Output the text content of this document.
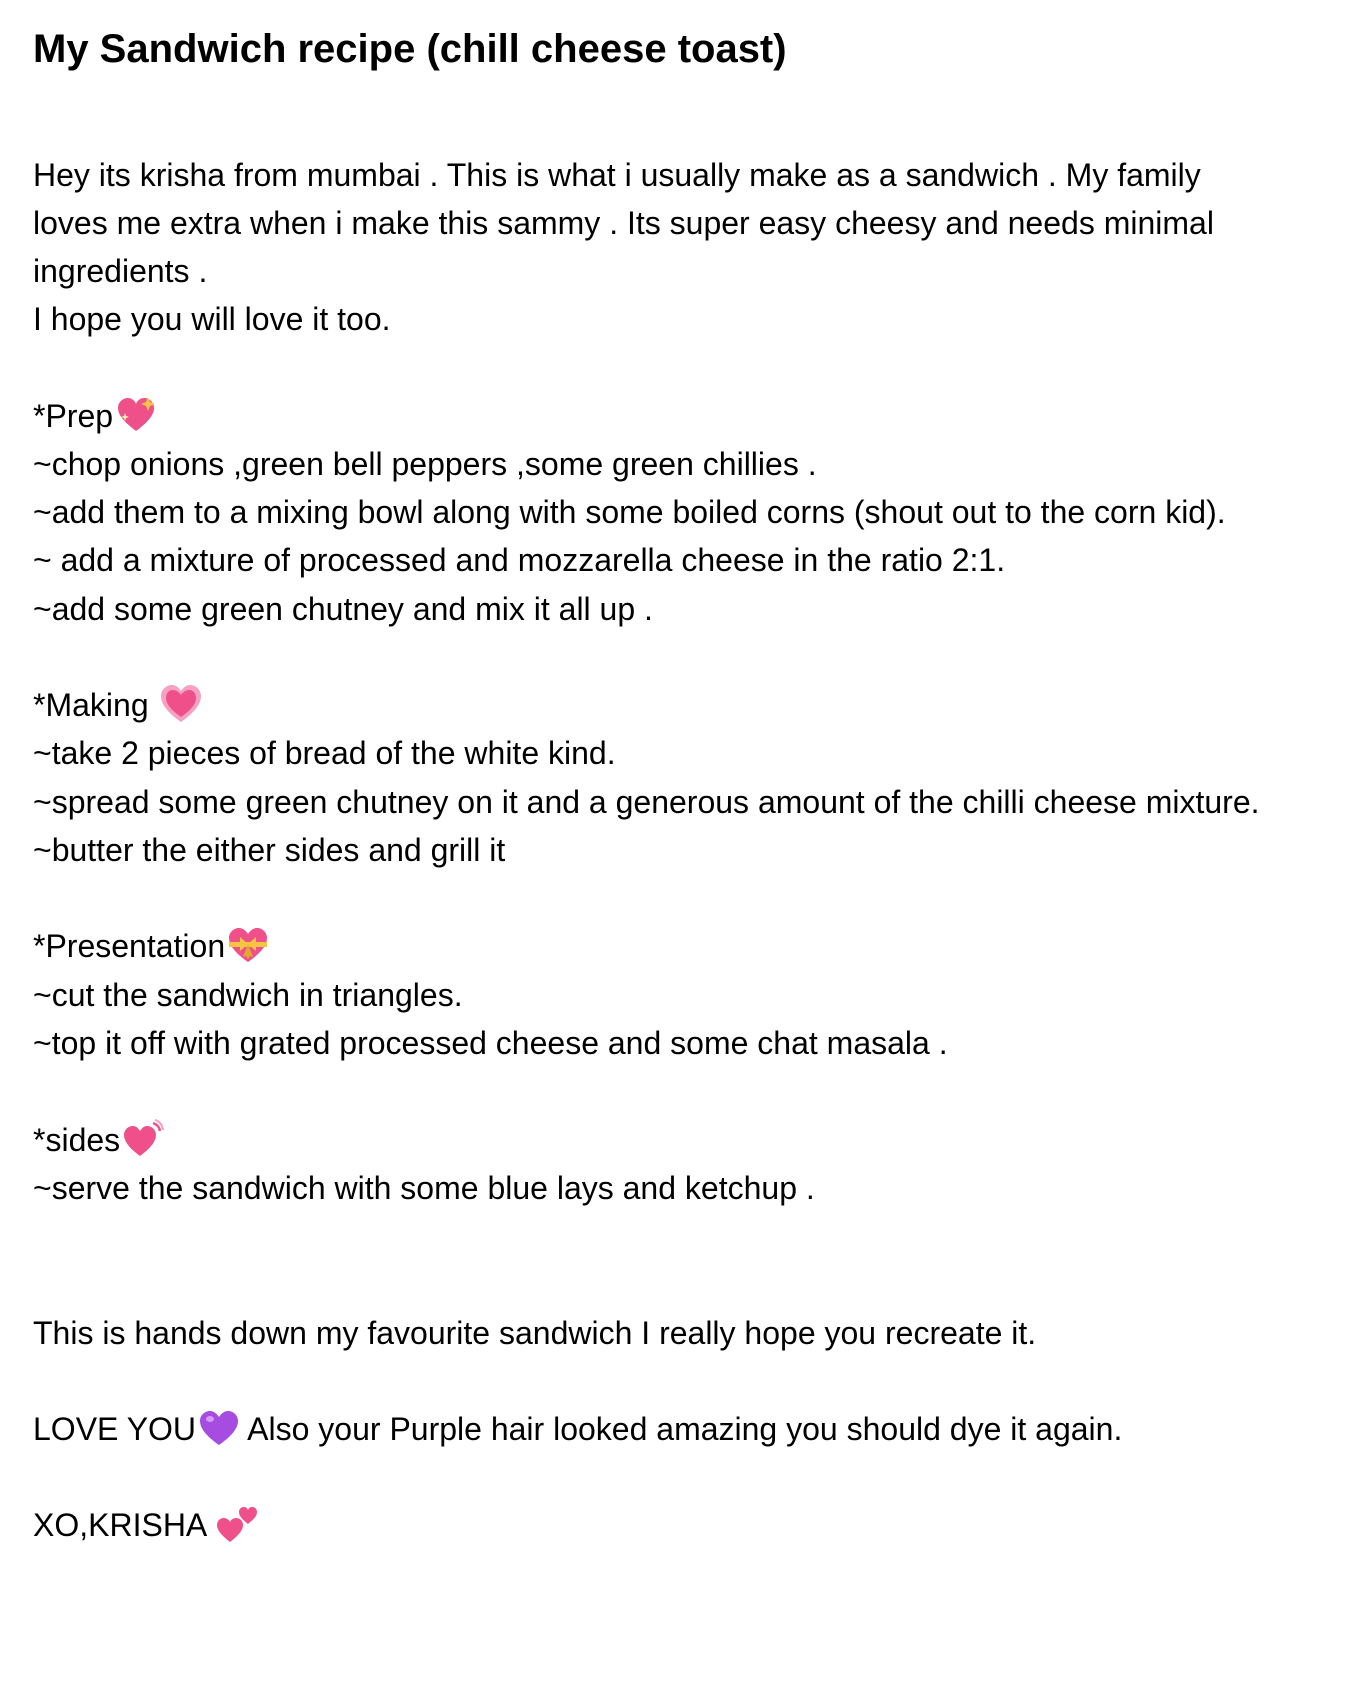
My Sandwich recipe (chill cheese toast)
Hey its krisha from mumbai . This is what i usually make as a sandwich . My family
loves me extra when i make this sammy . Its super easy cheesy and needs minimal
ingredients .
I hope you will love it too.
*Prep
~chop onions ,green bell peppers ,some green chillies .
~add them to a mixing bowl along with some boiled corns (shout out to the corn kid).
~ add a mixture of processed and mozzarella cheese in the ratio 2:1.
~add some green chutney and mix it all up .
*Making
~take 2 pieces of bread of the white kind.
~spread some green chutney on it and a generous amount of the chilli cheese mixture.
~butter the either sides and grill it
*Presentation
~cut the sandwich in triangles.
~top it off with grated processed cheese and some chat masala .
*sides
~serve the sandwich with some blue lays and ketchup .
This is hands down my favourite sandwich I really hope you recreate it.
LOVE YOU
Also your Purple hair looked amazing you should dye it again.
XO,KRISHA
